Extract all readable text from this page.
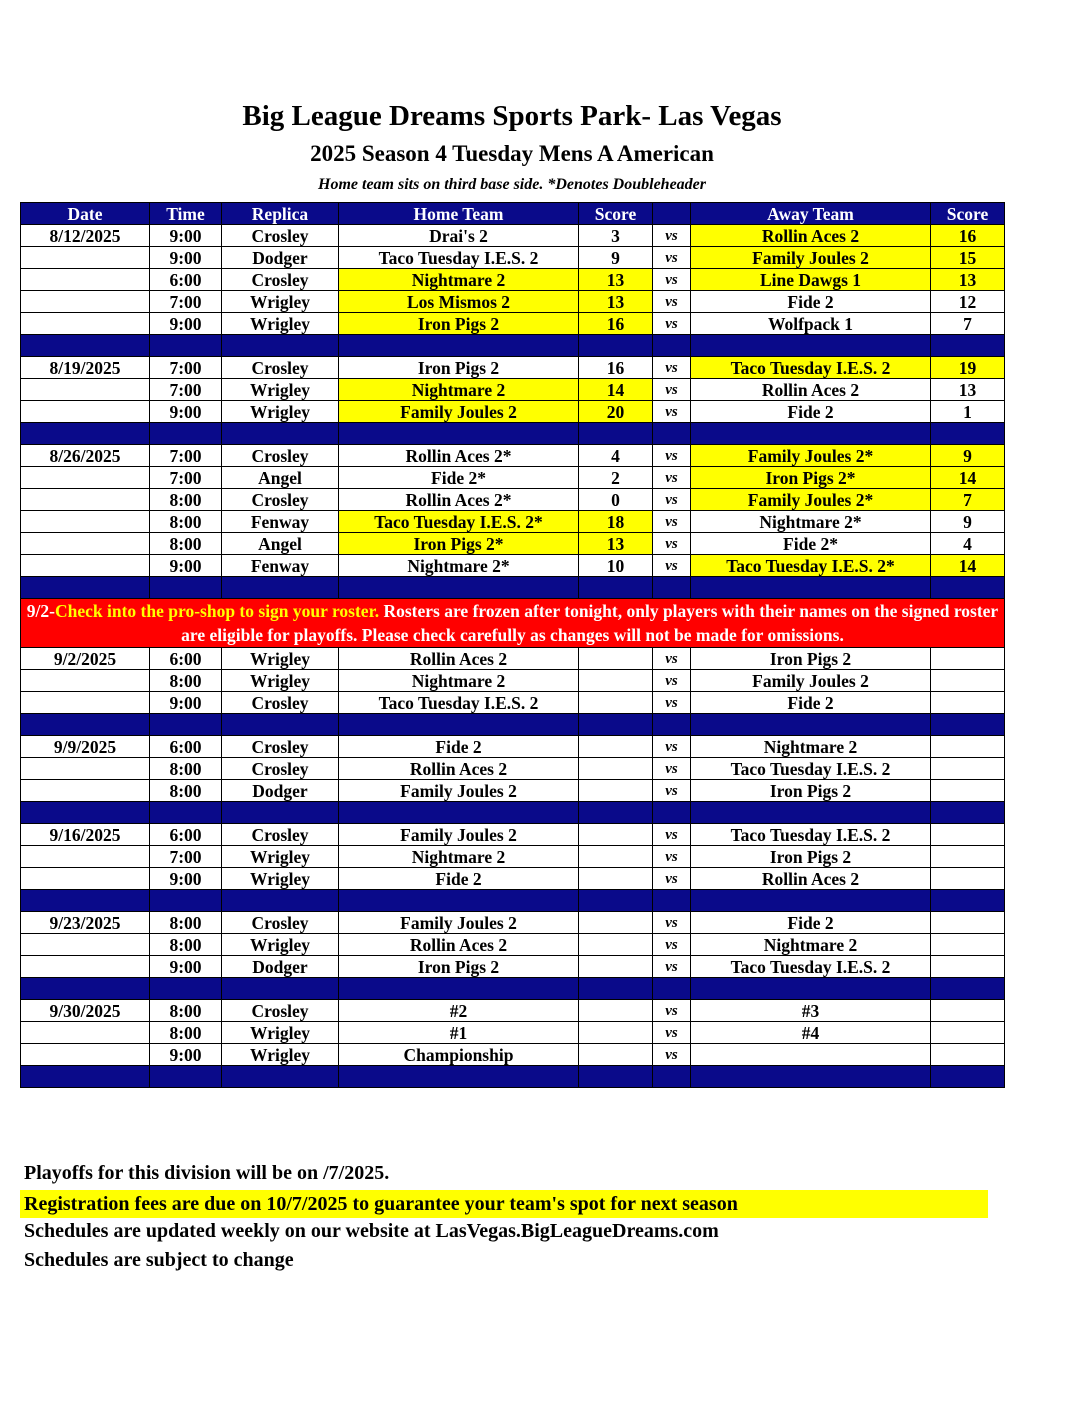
Big League Dreams Sports Park- Las Vegas
2025 Season 4 Tuesday Mens A American
Home team sits on third base side. *Denotes Doubleheader
Date	Time	Replica	Home Team	Score		Away Team	Score
8/12/2025	9:00	Crosley	Drai's 2	3	vs	Rollin Aces 2	16
	9:00	Dodger	Taco Tuesday I.E.S. 2	9	vs	Family Joules 2	15
	6:00	Crosley	Nightmare 2	13	vs	Line Dawgs 1	13
	7:00	Wrigley	Los Mismos 2	13	vs	Fide 2	12
	9:00	Wrigley	Iron Pigs 2	16	vs	Wolfpack 1	7

8/19/2025	7:00	Crosley	Iron Pigs 2	16	vs	Taco Tuesday I.E.S. 2	19
	7:00	Wrigley	Nightmare 2	14	vs	Rollin Aces 2	13
	9:00	Wrigley	Family Joules 2	20	vs	Fide 2	1

8/26/2025	7:00	Crosley	Rollin Aces 2*	4	vs	Family Joules 2*	9
	7:00	Angel	Fide 2*	2	vs	Iron Pigs 2*	14
	8:00	Crosley	Rollin Aces 2*	0	vs	Family Joules 2*	7
	8:00	Fenway	Taco Tuesday I.E.S. 2*	18	vs	Nightmare 2*	9
	8:00	Angel	Iron Pigs 2*	13	vs	Fide 2*	4
	9:00	Fenway	Nightmare 2*	10	vs	Taco Tuesday I.E.S. 2*	14

9/2-Check into the pro-shop to sign your roster. Rosters are frozen after tonight, only players with their names on the signed roster are eligible for playoffs. Please check carefully as changes will not be made for omissions.							
9/2/2025	6:00	Wrigley	Rollin Aces 2		vs	Iron Pigs 2	
	8:00	Wrigley	Nightmare 2		vs	Family Joules 2	
	9:00	Crosley	Taco Tuesday I.E.S. 2		vs	Fide 2	

9/9/2025	6:00	Crosley	Fide 2		vs	Nightmare 2	
	8:00	Crosley	Rollin Aces 2		vs	Taco Tuesday I.E.S. 2	
	8:00	Dodger	Family Joules 2		vs	Iron Pigs 2	

9/16/2025	6:00	Crosley	Family Joules 2		vs	Taco Tuesday I.E.S. 2	
	7:00	Wrigley	Nightmare 2		vs	Iron Pigs 2	
	9:00	Wrigley	Fide 2		vs	Rollin Aces 2	

9/23/2025	8:00	Crosley	Family Joules 2		vs	Fide 2	
	8:00	Wrigley	Rollin Aces 2		vs	Nightmare 2	
	9:00	Dodger	Iron Pigs 2		vs	Taco Tuesday I.E.S. 2	

9/30/2025	8:00	Crosley	#2		vs	#3	
	8:00	Wrigley	#1		vs	#4	
	9:00	Wrigley	Championship		vs		

Playoffs for this division will be on /7/2025.
Registration fees are due on 10/7/2025 to guarantee your team's spot for next season
Schedules are updated weekly on our website at LasVegas.BigLeagueDreams.com
Schedules are subject to change
